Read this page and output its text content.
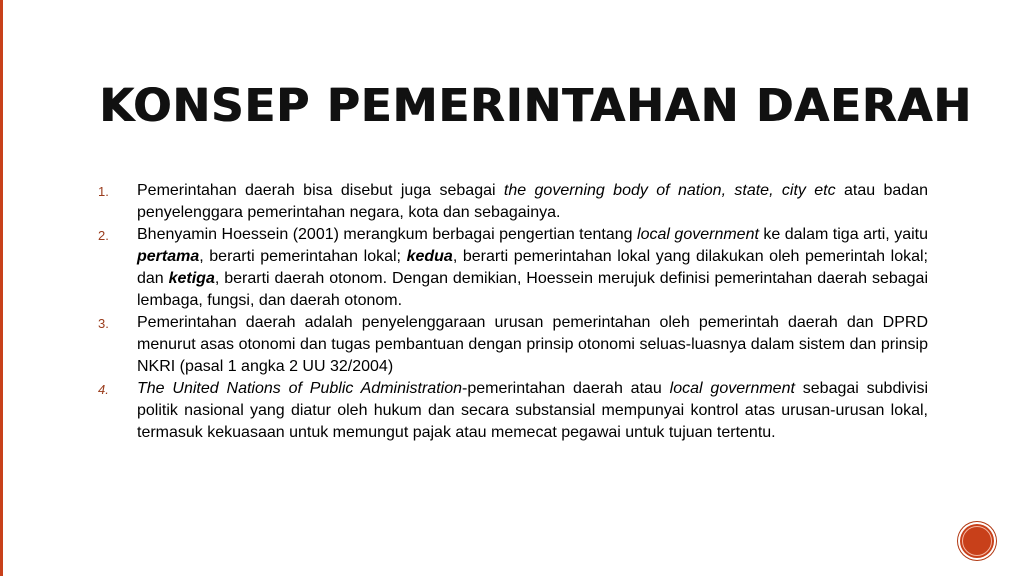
KONSEP PEMERINTAHAN DAERAH
1. Pemerintahan daerah bisa disebut juga sebagai the governing body of nation, state, city etc atau badan penyelenggara pemerintahan negara, kota dan sebagainya.
2. Bhenyamin Hoessein (2001) merangkum berbagai pengertian tentang local government ke dalam tiga arti, yaitu pertama, berarti pemerintahan lokal; kedua, berarti pemerintahan lokal yang dilakukan oleh pemerintah lokal; dan ketiga, berarti daerah otonom. Dengan demikian, Hoessein merujuk definisi pemerintahan daerah sebagai lembaga, fungsi, dan daerah otonom.
3. Pemerintahan daerah adalah penyelenggaraan urusan pemerintahan oleh pemerintah daerah dan DPRD menurut asas otonomi dan tugas pembantuan dengan prinsip otonomi seluas-luasnya dalam sistem dan prinsip NKRI (pasal 1 angka 2 UU 32/2004)
4. The United Nations of Public Administration-pemerintahan daerah atau local government sebagai subdivisi politik nasional yang diatur oleh hukum dan secara substansial mempunyai kontrol atas urusan-urusan lokal, termasuk kekuasaan untuk memungut pajak atau memecat pegawai untuk tujuan tertentu.
